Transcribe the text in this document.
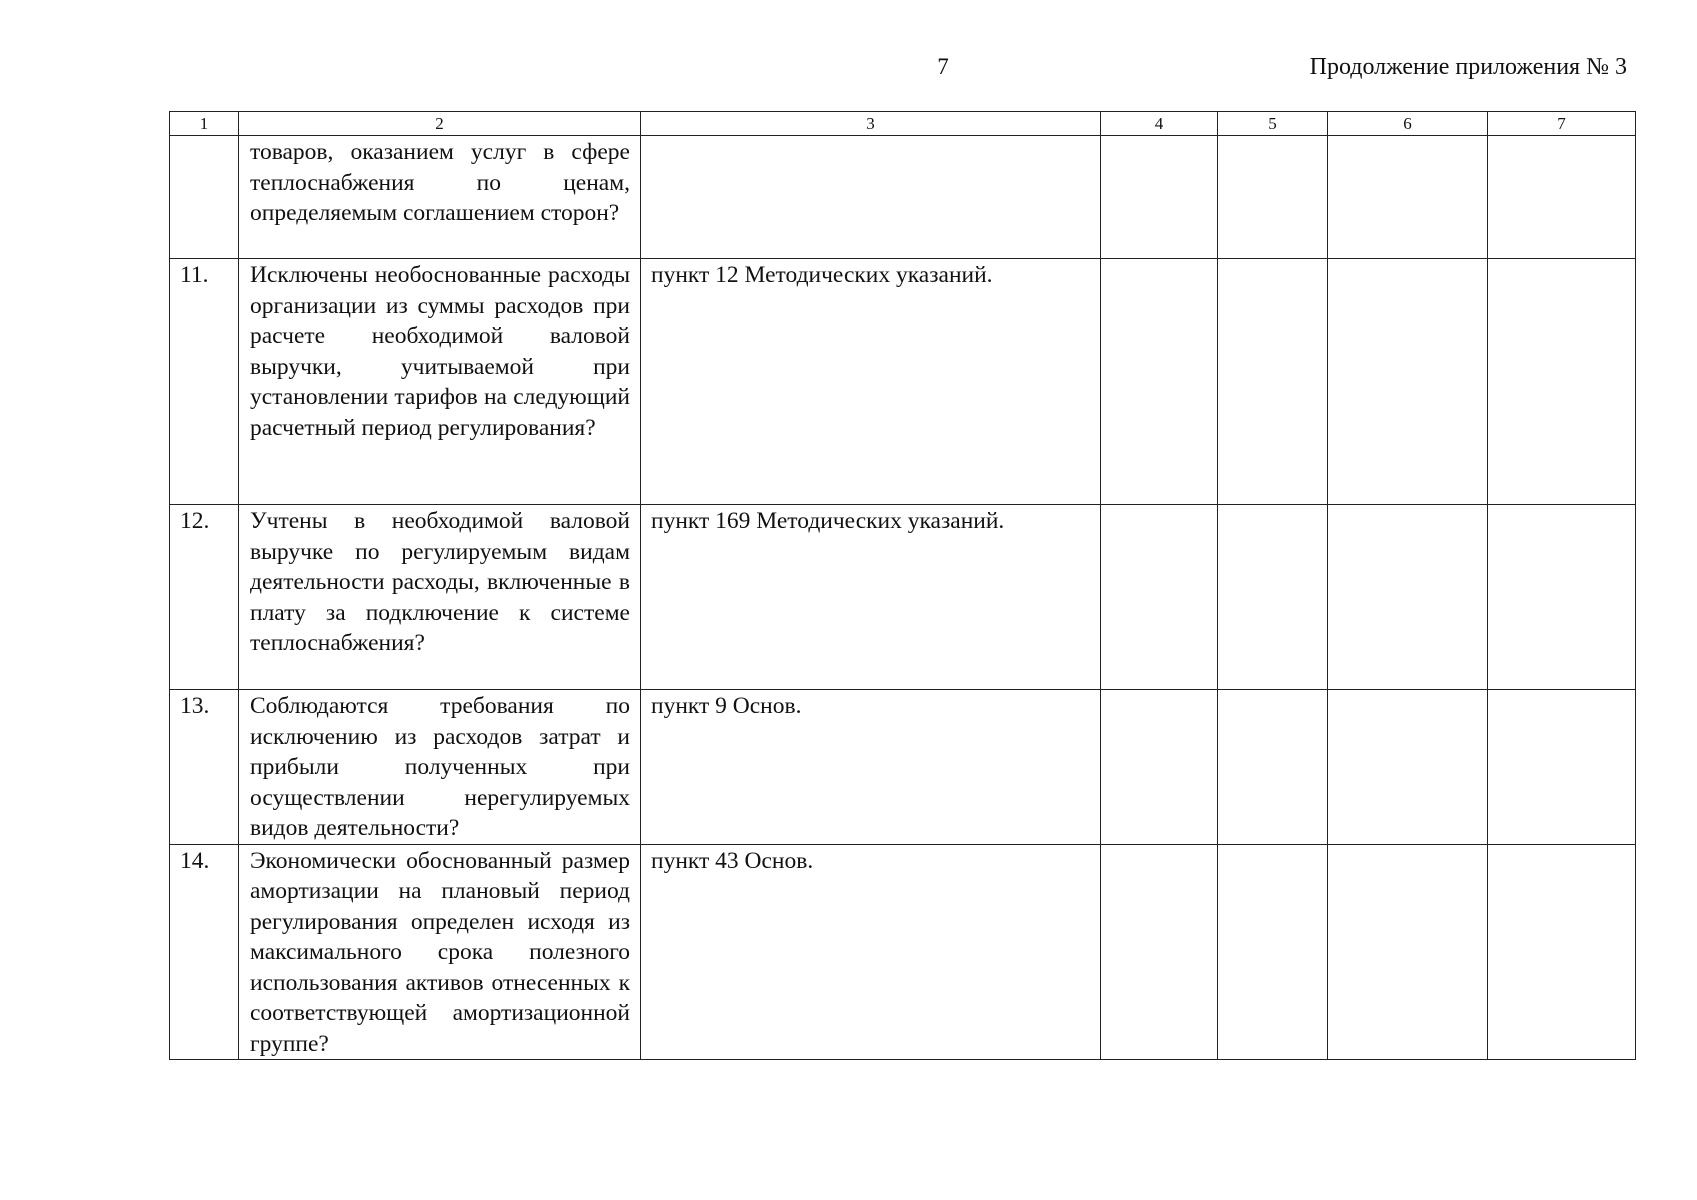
7	Продолжение приложения № 3
1	2	3	4	5	6	7
	товаров, оказанием услуг в сфере теплоснабжения по ценам, определяемым соглашением сторон?					
11.	Исключены необоснованные расходы организации из суммы расходов при расчете необходимой валовой выручки, учитываемой при установлении тарифов на следующий расчетный период регулирования?	пункт 12 Методических указаний.				
12.	Учтены в необходимой валовой выручке по регулируемым видам деятельности расходы, включенные в плату за подключение к системе теплоснабжения?	пункт 169 Методических указаний.				
13.	Соблюдаются требования по исключению из расходов затрат и прибыли полученных при осуществлении нерегулируемых видов деятельности?	пункт 9 Основ.				
14.	Экономически обоснованный размер амортизации на плановый период регулирования определен исходя из максимального срока полезного использования активов отнесенных к соответствующей амортизационной группе?	пункт 43 Основ.				
